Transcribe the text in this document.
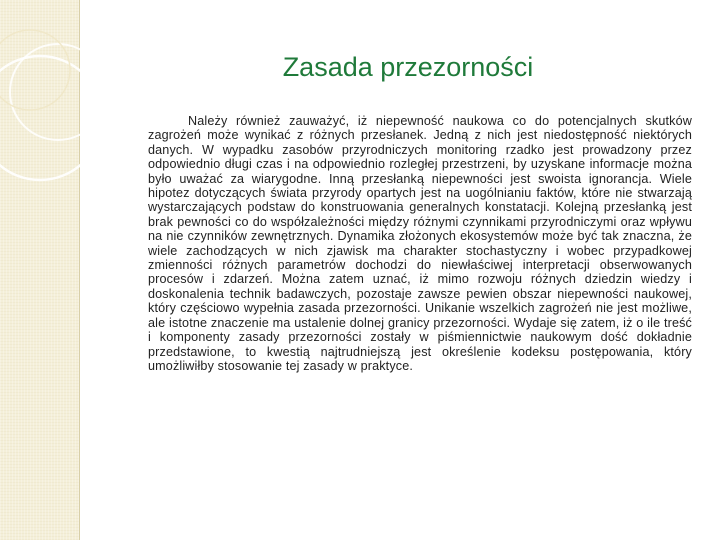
Zasada przezorności

Należy również zauważyć, iż niepewność naukowa co do potencjalnych skutków zagrożeń może wynikać z różnych przesłanek. Jedną z nich jest niedostępność niektórych danych. W wypadku zasobów przyrodniczych monitoring rzadko jest prowadzony przez odpowiednio długi czas i na odpowiednio rozległej przestrzeni, by uzyskane informacje można było uważać za wiarygodne. Inną przesłanką niepewności jest swoista ignorancja. Wiele hipotez dotyczących świata przyrody opartych jest na uogólnianiu faktów, które nie stwarzają wystarczających podstaw do konstruowania generalnych konstatacji. Kolejną przesłanką jest brak pewności co do współzależności między różnymi czynnikami przyrodniczymi oraz wpływu na nie czynników zewnętrznych. Dynamika złożonych ekosystemów może być tak znaczna, że wiele zachodzących w nich zjawisk ma charakter stochastyczny i wobec przypadkowej zmienności różnych parametrów dochodzi do niewłaściwej interpretacji obserwowanych procesów i zdarzeń. Można zatem uznać, iż mimo rozwoju różnych dziedzin wiedzy i doskonalenia technik badawczych, pozostaje zawsze pewien obszar niepewności naukowej, który częściowo wypełnia zasada przezorności. Unikanie wszelkich zagrożeń nie jest możliwe, ale istotne znaczenie ma ustalenie dolnej granicy przezorności. Wydaje się zatem, iż o ile treść i komponenty zasady przezorności zostały w piśmiennictwie naukowym dość dokładnie przedstawione, to kwestią najtrudniejszą jest określenie kodeksu postępowania, który umożliwiłby stosowanie tej zasady w praktyce.
